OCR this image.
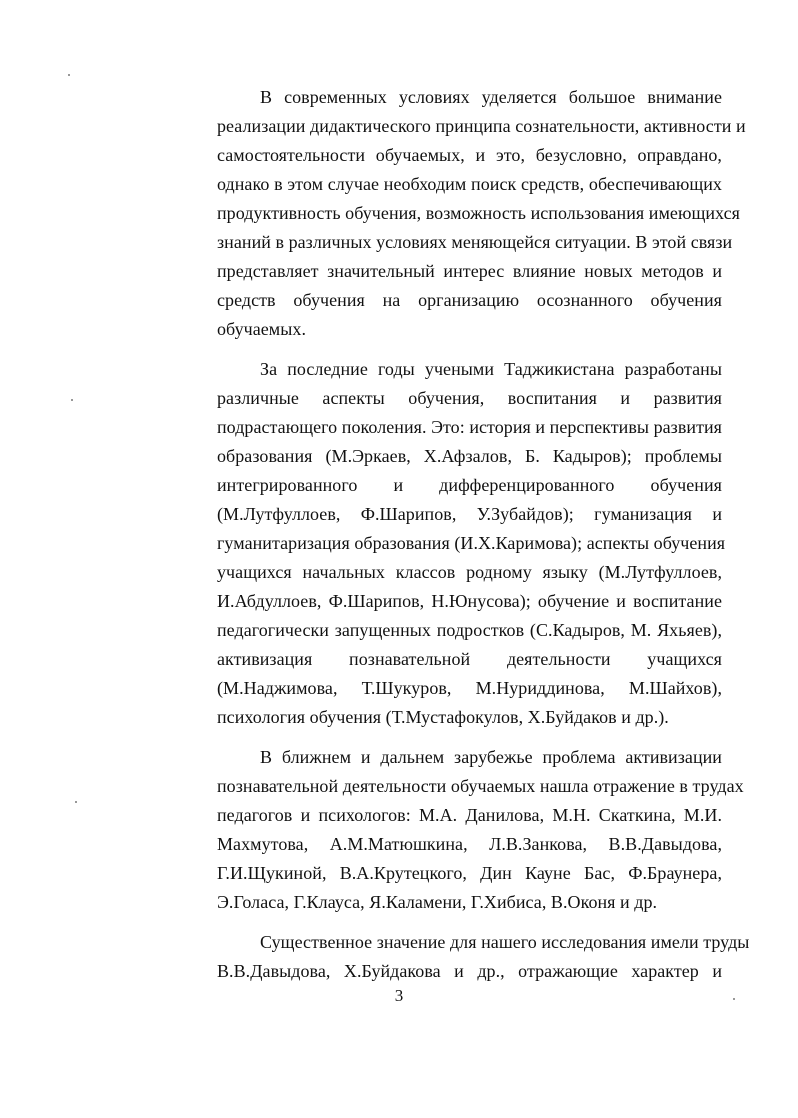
В современных условиях уделяется большое внимание
реализации дидактического принципа сознательности, активности и
самостоятельности обучаемых, и это, безусловно, оправдано,
однако в этом случае необходим поиск средств, обеспечивающих
продуктивность обучения, возможность использования имеющихся
знаний в различных условиях меняющейся ситуации. В этой связи
представляет значительный интерес влияние новых методов и
средств обучения на организацию осознанного обучения
обучаемых.

За последние годы учеными Таджикистана разработаны
различные аспекты обучения, воспитания и развития
подрастающего поколения. Это: история и перспективы развития
образования (М.Эркаев, Х.Афзалов, Б. Кадыров); проблемы
интегрированного и дифференцированного обучения
(М.Лутфуллоев, Ф.Шарипов, У.Зубайдов); гуманизация и
гуманитаризация образования (И.Х.Каримова); аспекты обучения
учащихся начальных классов родному языку (М.Лутфуллоев,
И.Абдуллоев, Ф.Шарипов, Н.Юнусова); обучение и воспитание
педагогически запущенных подростков (С.Кадыров, М. Яхьяев),
активизация познавательной деятельности учащихся
(М.Наджимова, Т.Шукуров, М.Нуриддинова, М.Шайхов),
психология обучения (Т.Мустафокулов, Х.Буйдаков и др.).

В ближнем и дальнем зарубежье проблема активизации
познавательной деятельности обучаемых нашла отражение в трудах
педагогов и психологов: М.А. Данилова, М.Н. Скаткина, М.И.
Махмутова, А.М.Матюшкина, Л.В.Занкова, В.В.Давыдова,
Г.И.Щукиной, В.А.Крутецкого, Дин Кауне Бас, Ф.Браунера,
Э.Голаса, Г.Клауса, Я.Каламени, Г.Хибиса, В.Оконя и др.

Существенное значение для нашего исследования имели труды
В.В.Давыдова, Х.Буйдакова и др., отражающие характер и

3
